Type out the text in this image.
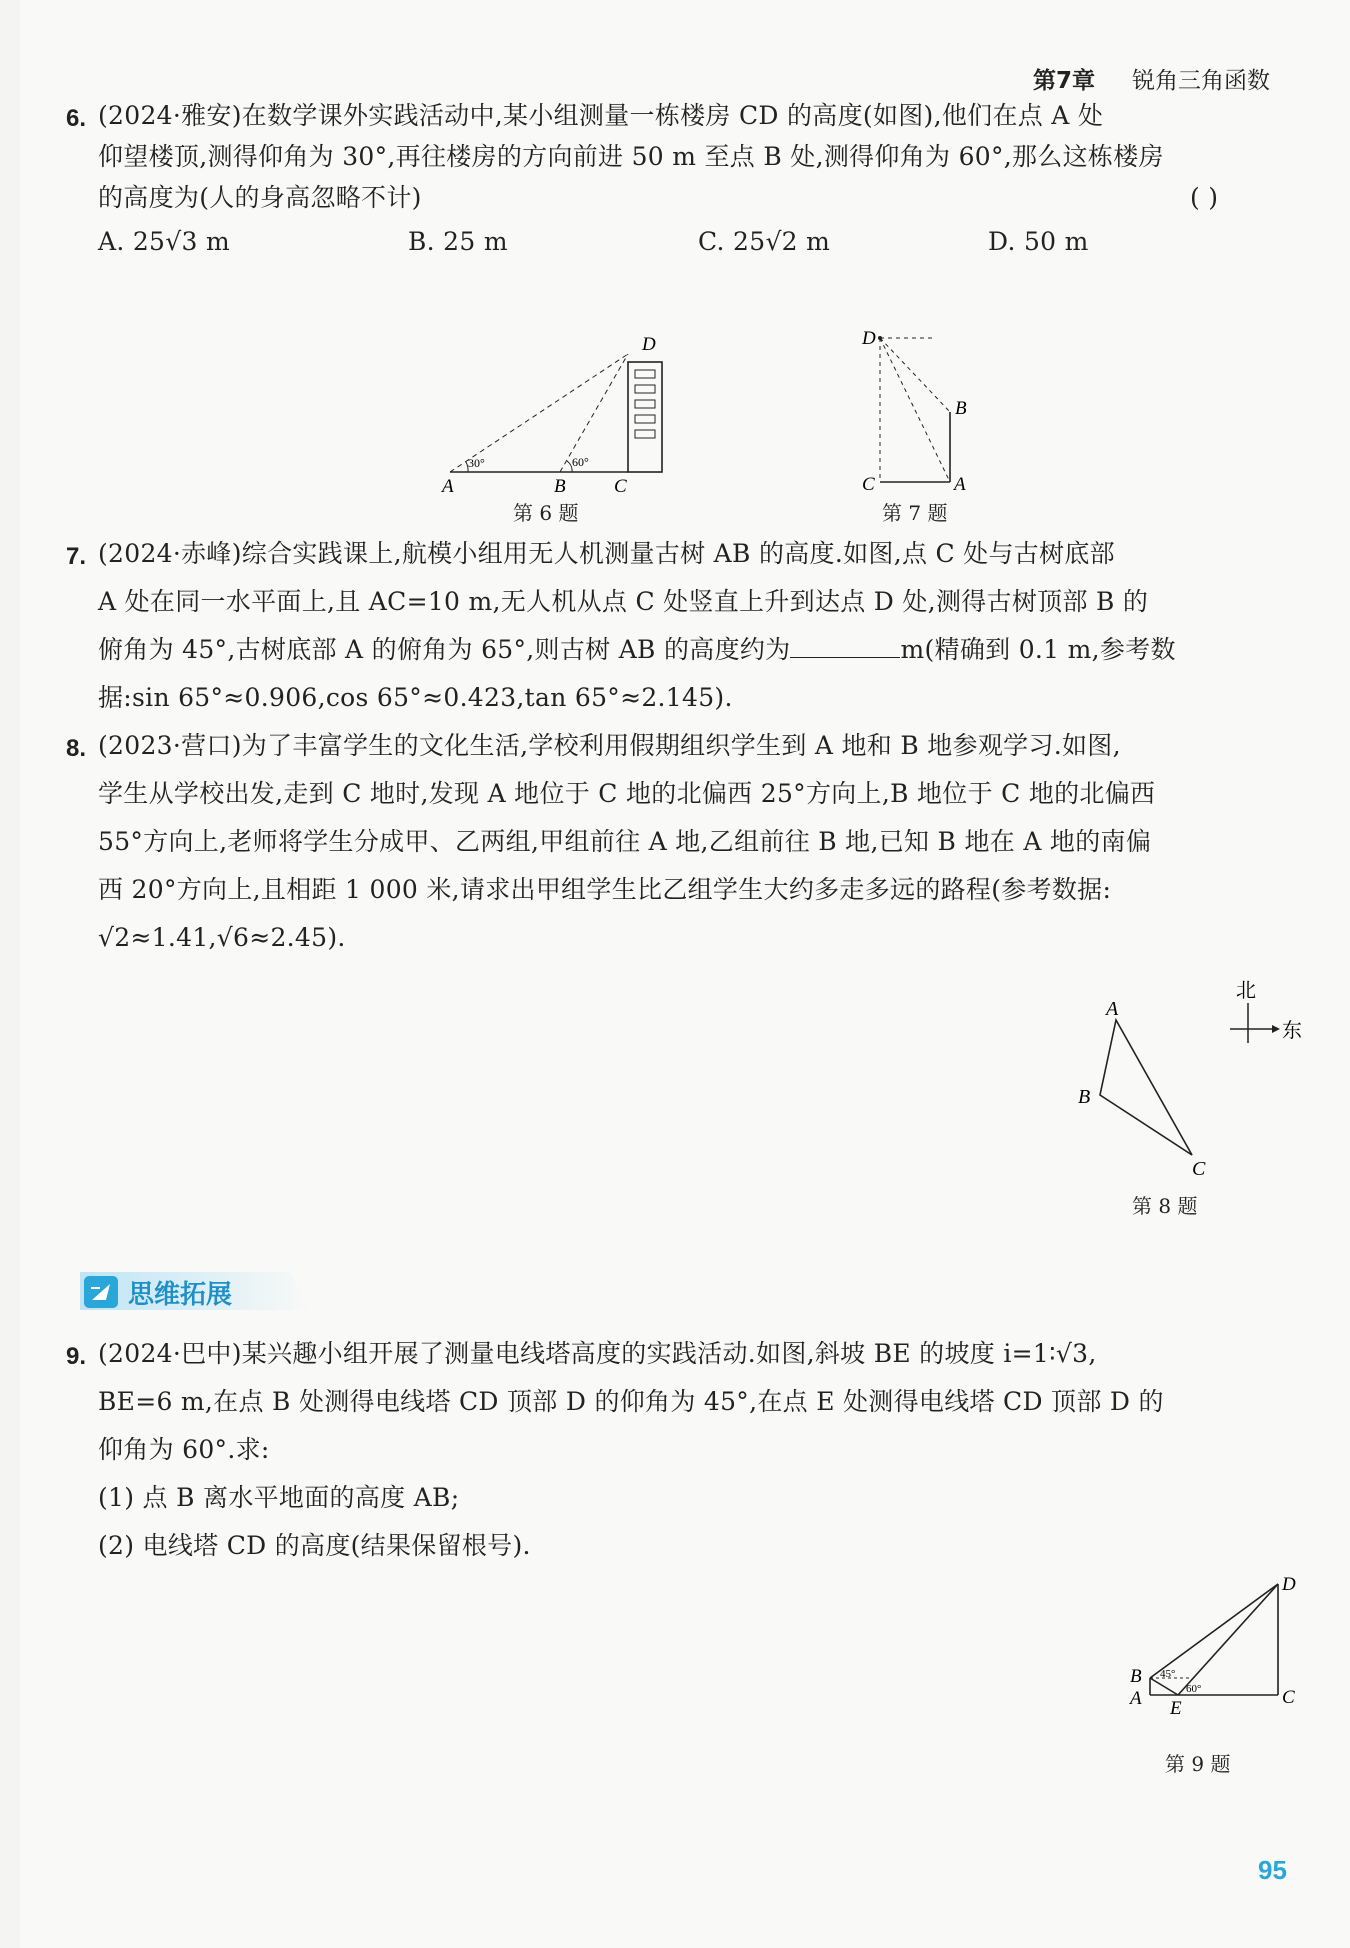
第7章 锐角三角函数
6. (2024·雅安)在数学课外实践活动中,某小组测量一栋楼房 CD 的高度(如图),他们在点 A 处
仰望楼顶,测得仰角为 30°,再往楼房的方向前进 50 m 至点 B 处,测得仰角为 60°,那么这栋楼房
的高度为(人的身高忽略不计)	( )
A. 25√3 m	B. 25 m	C. 25√2 m	D. 50 m
30°	60°
A	B	C
D
第 6 题
D
B
C	A
第 7 题
7. (2024·赤峰)综合实践课上,航模小组用无人机测量古树 AB 的高度.如图,点 C 处与古树底部
A 处在同一水平面上,且 AC=10 m,无人机从点 C 处竖直上升到达点 D 处,测得古树顶部 B 的
俯角为 45°,古树底部 A 的俯角为 65°,则古树 AB 的高度约为	m(精确到 0.1 m,参考数
据:sin 65°≈0.906,cos 65°≈0.423,tan 65°≈2.145).
8. (2023·营口)为了丰富学生的文化生活,学校利用假期组织学生到 A 地和 B 地参观学习.如图,
学生从学校出发,走到 C 地时,发现 A 地位于 C 地的北偏西 25°方向上,B 地位于 C 地的北偏西
55°方向上,老师将学生分成甲、乙两组,甲组前往 A 地,乙组前往 B 地,已知 B 地在 A 地的南偏
西 20°方向上,且相距 1 000 米,请求出甲组学生比乙组学生大约多走多远的路程(参考数据:
√2≈1.41,√6≈2.45).
A
B
C
北
东
第 8 题
思维拓展
9. (2024·巴中)某兴趣小组开展了测量电线塔高度的实践活动.如图,斜坡 BE 的坡度 i=1∶√3,
BE=6 m,在点 B 处测得电线塔 CD 顶部 D 的仰角为 45°,在点 E 处测得电线塔 CD 顶部 D 的
仰角为 60°.求:
(1) 点 B 离水平地面的高度 AB;
(2) 电线塔 CD 的高度(结果保留根号).
45°
60°
D
B
A E
C
第 9 题
95
